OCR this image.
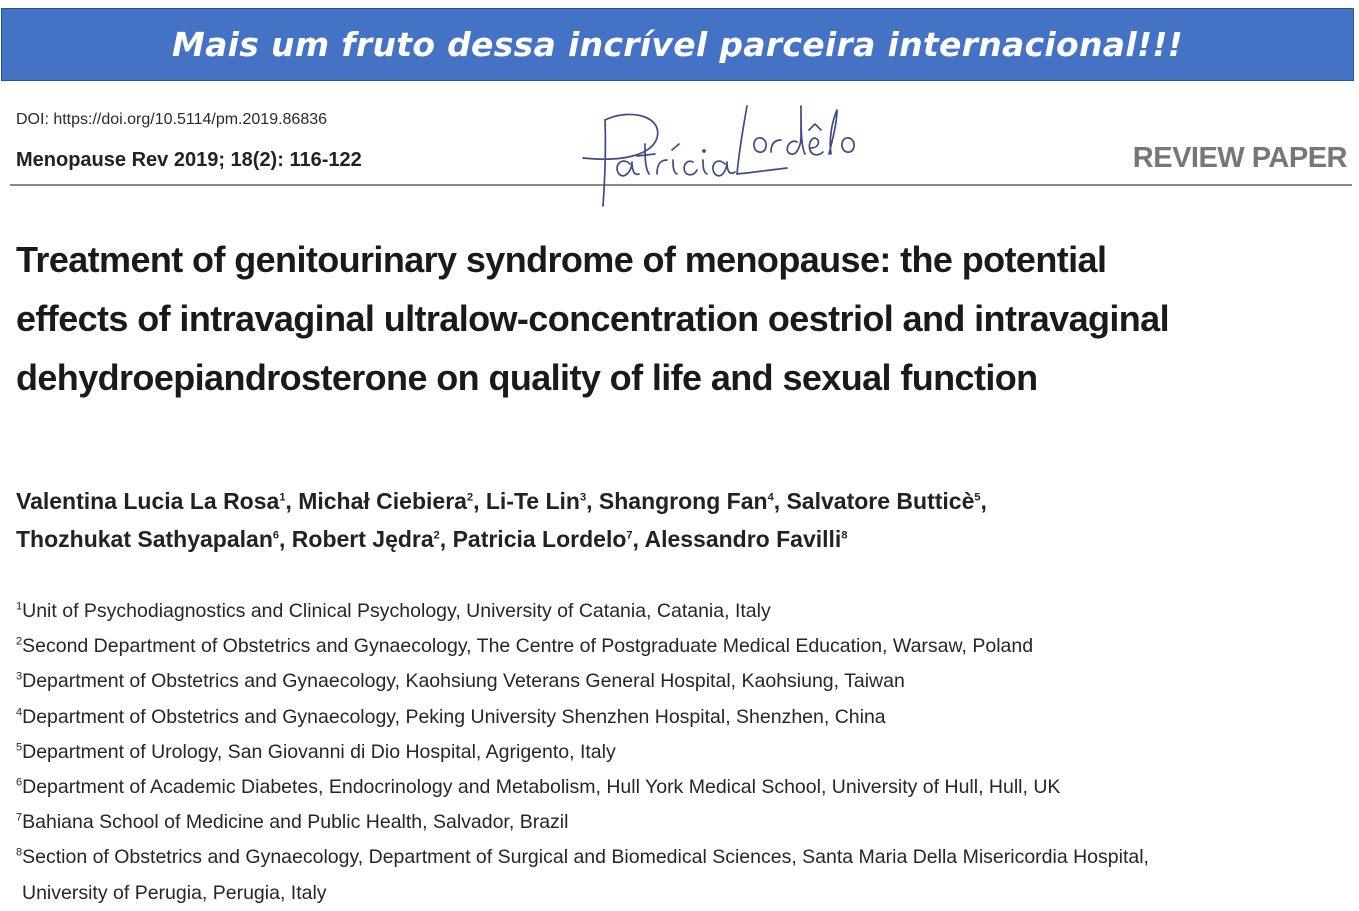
Mais um fruto dessa incrível parceira internacional!!!
DOI: https://doi.org/10.5114/pm.2019.86836
Menopause Rev 2019; 18(2): 116-122	REVIEW PAPER
Treatment of genitourinary syndrome of menopause: the potential
effects of intravaginal ultralow-concentration oestriol and intravaginal
dehydroepiandrosterone on quality of life and sexual function
Valentina Lucia La Rosa$^1$, Michał Ciebiera$^2$, Li-Te Lin$^3$, Shangrong Fan$^4$, Salvatore Butticè$^5$,
Thozhukat Sathyapalan$^6$, Robert Jędra$^2$, Patricia Lordelo$^7$, Alessandro Favilli$^8$
$^1$Unit of Psychodiagnostics and Clinical Psychology, University of Catania, Catania, Italy
$^2$Second Department of Obstetrics and Gynaecology, The Centre of Postgraduate Medical Education, Warsaw, Poland
$^3$Department of Obstetrics and Gynaecology, Kaohsiung Veterans General Hospital, Kaohsiung, Taiwan
$^4$Department of Obstetrics and Gynaecology, Peking University Shenzhen Hospital, Shenzhen, China
$^5$Department of Urology, San Giovanni di Dio Hospital, Agrigento, Italy
$^6$Department of Academic Diabetes, Endocrinology and Metabolism, Hull York Medical School, University of Hull, Hull, UK
$^7$Bahiana School of Medicine and Public Health, Salvador, Brazil
$^8$Section of Obstetrics and Gynaecology, Department of Surgical and Biomedical Sciences, Santa Maria Della Misericordia Hospital,
University of Perugia, Perugia, Italy
